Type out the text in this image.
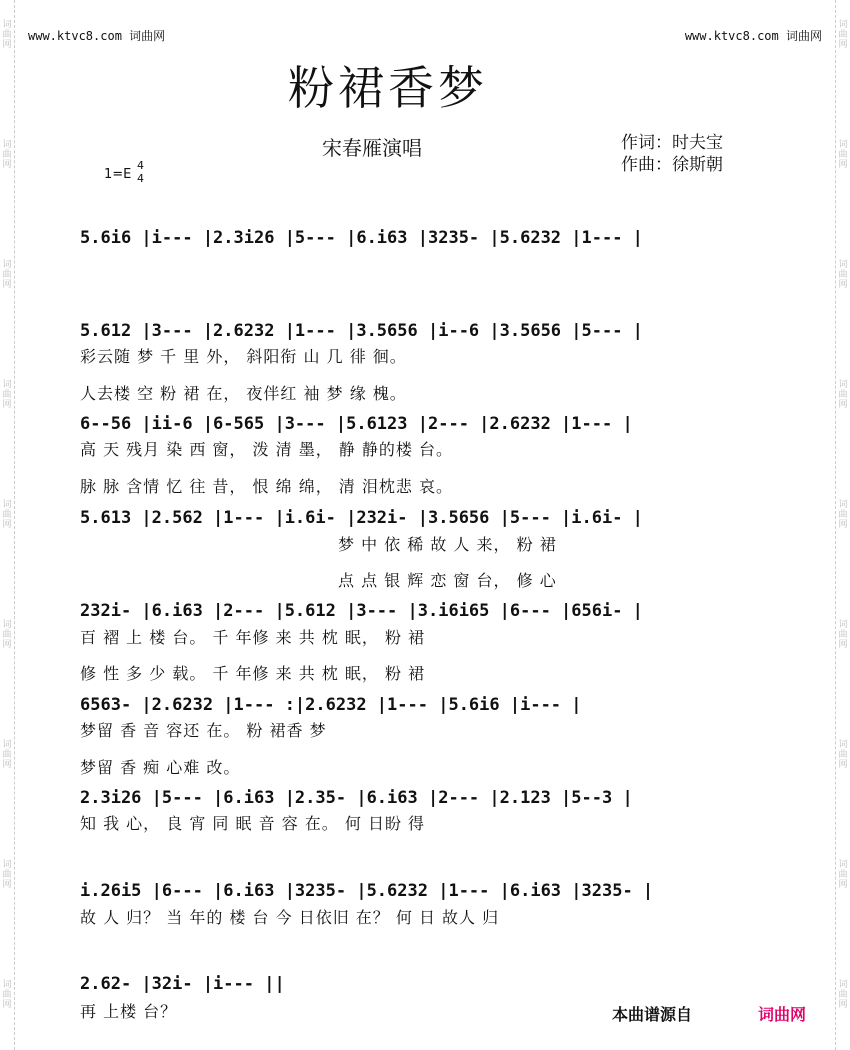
词曲网
词曲网
词曲网
词曲网
词曲网
词曲网
词曲网
词曲网
词曲网
词曲网
词曲网
词曲网
词曲网
词曲网
词曲网
词曲网
词曲网
词曲网
www.ktvc8.com 词曲网	www.ktvc8.com 词曲网
粉裙香梦
宋春雁演唱	作词：时夫宝
作曲：徐斯朝
1=E
4
4
5.6i6 |i--- |2.3i26 |5--- |6.i63 |3235- |5.6232 |1--- |
5.612 |3--- |2.6232 |1--- |3.5656 |i--6 |3.5656 |5--- |
彩云随 梦 千 里 外， 斜阳衔 山 几 徘 徊。
人去楼 空 粉 裙 在， 夜伴红 袖 梦 缘 槐。
6--56 |ii-6 |6-565 |3--- |5.6123 |2--- |2.6232 |1--- |
高 天 残月 染 西 窗， 泼 清 墨， 静 静的楼 台。
脉 脉 含情 忆 往 昔， 恨 绵 绵， 清 泪枕悲 哀。
5.613 |2.562 |1--- |i.6i- |232i- |3.5656 |5--- |i.6i- |
梦 中 依 稀 故 人 来， 粉 裙
点 点 银 辉 恋 窗 台， 修 心
232i- |6.i63 |2--- |5.612 |3--- |3.i6i65 |6--- |656i- |
百 褶 上 楼 台。 千 年修 来 共 枕 眠， 粉 裙
修 性 多 少 载。 千 年修 来 共 枕 眠， 粉 裙
6563- |2.6232 |1--- :|2.6232 |1--- |5.6i6 |i--- |
梦留 香 音 容还 在。 粉 裙香 梦
梦留 香 痴 心难 改。
2.3i26 |5--- |6.i63 |2.35- |6.i63 |2--- |2.123 |5--3 |
知 我 心， 良 宵 同 眠 音 容 在。 何 日盼 得
i.26i5 |6--- |6.i63 |3235- |5.6232 |1--- |6.i63 |3235- |
故 人 归？ 当 年的 楼 台 今 日依旧 在？ 何 日 故人 归
2.62- |32i- |i--- ||
再 上楼 台？	本曲谱源自	词曲网
